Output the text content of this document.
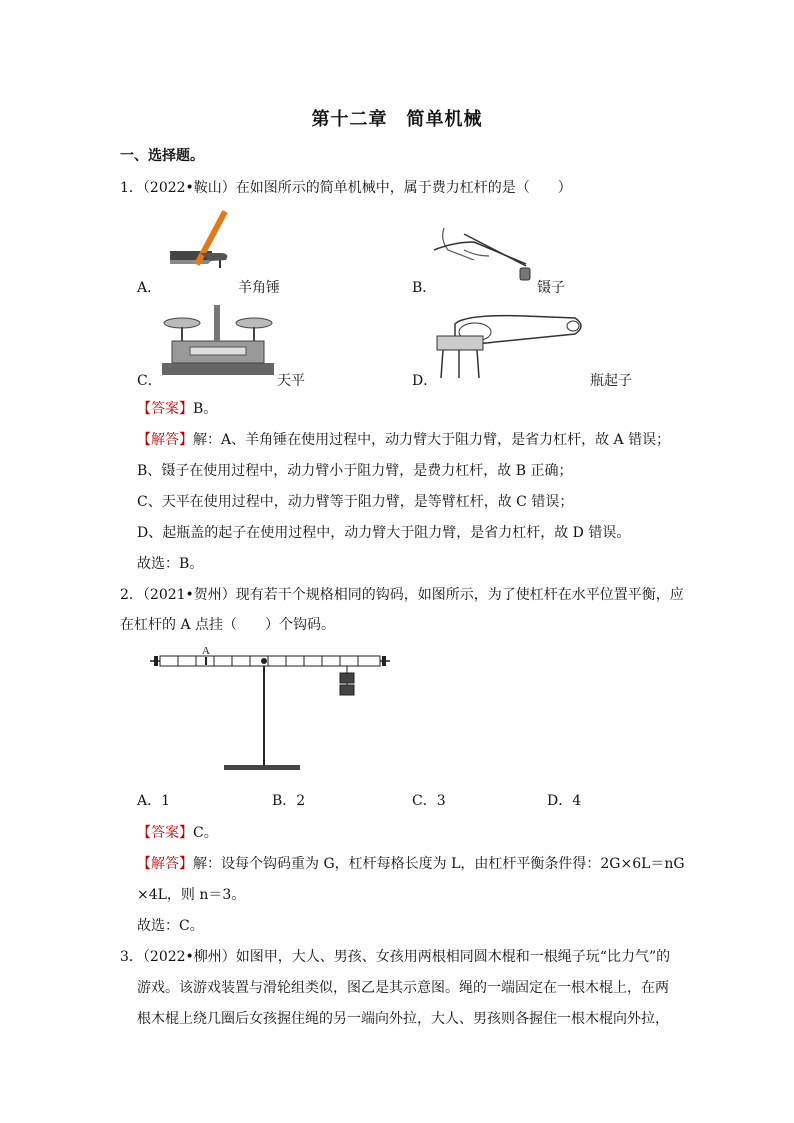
第十二章　简单机械
一、选择题。
1．（2022•鞍山）在如图所示的简单机械中，属于费力杠杆的是（　　）
A．	羊角锤	B．	镊子
C．	天平	D．	瓶起子
【答案】B。
【解答】解：A、羊角锤在使用过程中，动力臂大于阻力臂，是省力杠杆，故 A 错误；
B、镊子在使用过程中，动力臂小于阻力臂，是费力杠杆，故 B 正确；
C、天平在使用过程中，动力臂等于阻力臂，是等臂杠杆，故 C 错误；
D、起瓶盖的起子在使用过程中，动力臂大于阻力臂，是省力杠杆，故 D 错误。
故选：B。
2．（2021•贺州）现有若干个规格相同的钩码，如图所示，为了使杠杆在水平位置平衡，应
在杠杆的 A 点挂（　　）个钩码。
A
A．1	B．2	C．3	D．4
【答案】C。
【解答】解：设每个钩码重为 G，杠杆每格长度为 L，由杠杆平衡条件得：2G×6L＝nG
×4L，则 n＝3。
故选：C。
3．（2022•柳州）如图甲，大人、男孩、女孩用两根相同圆木棍和一根绳子玩“比力气”的
游戏。该游戏装置与滑轮组类似，图乙是其示意图。绳的一端固定在一根木棍上，在两
根木棍上绕几圈后女孩握住绳的另一端向外拉，大人、男孩则各握住一根木棍向外拉，
